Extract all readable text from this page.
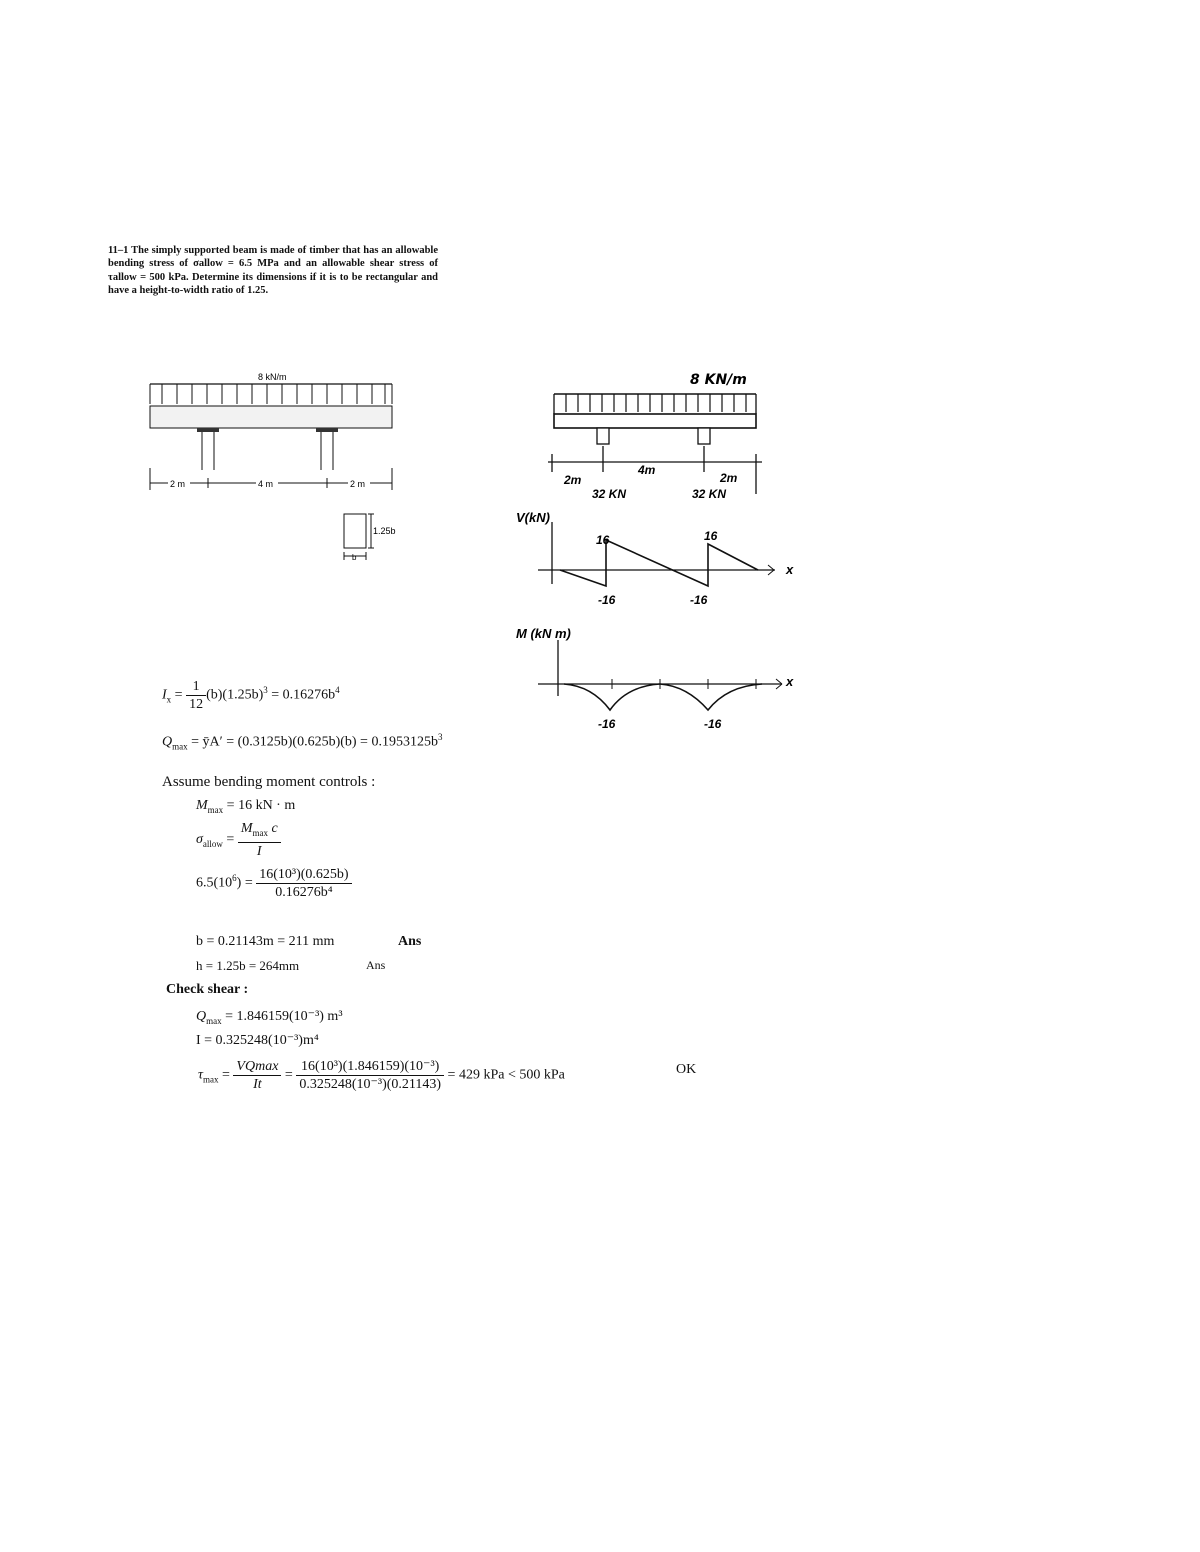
11–1 The simply supported beam is made of timber that has an allowable bending stress of σallow = 6.5 MPa and an allowable shear stress of τallow = 500 kPa. Determine its dimensions if it is to be rectangular and have a height-to-width ratio of 1.25.
8 kN/m
2 m	4 m	2 m
1.25b
b
8 KN/m
2m
4m
2m
32 KN	32 KN
V(kN)
x
16	16
-16	-16
M (kN m)
x
-16	-16
$I_x = \frac{1}{12} (b)(1.25b)^3 = 0.16276b^4$
$Q_{max}$ = ȳA′ = $(0.3125b)(0.625b)(b) = 0.1953125b^3$
Assume bending moment controls :
$M_{max} = 16$ kN · m
$\sigma_{allow} = \frac{M_{max} c}{I}$
$6.5(10^6) = \frac{\text{16(10³)(0.625b)}}{\text{0.16276b⁴}}$
b = 0.21143m = 211 mm	Ans
h = 1.25b = 264mm	Ans
Check shear :
$Q_{max} = 1.846159(10^{-3})$ m³
I = 0.325248(10⁻³)m⁴
$\tau_{max} = \frac{VQmax}{It} = \frac{\text{16(10³)(1.846159)(10⁻³)}}{\text{0.325248(10⁻³)(0.21143)}} = 429$ kPa < 500 kPa	OK
